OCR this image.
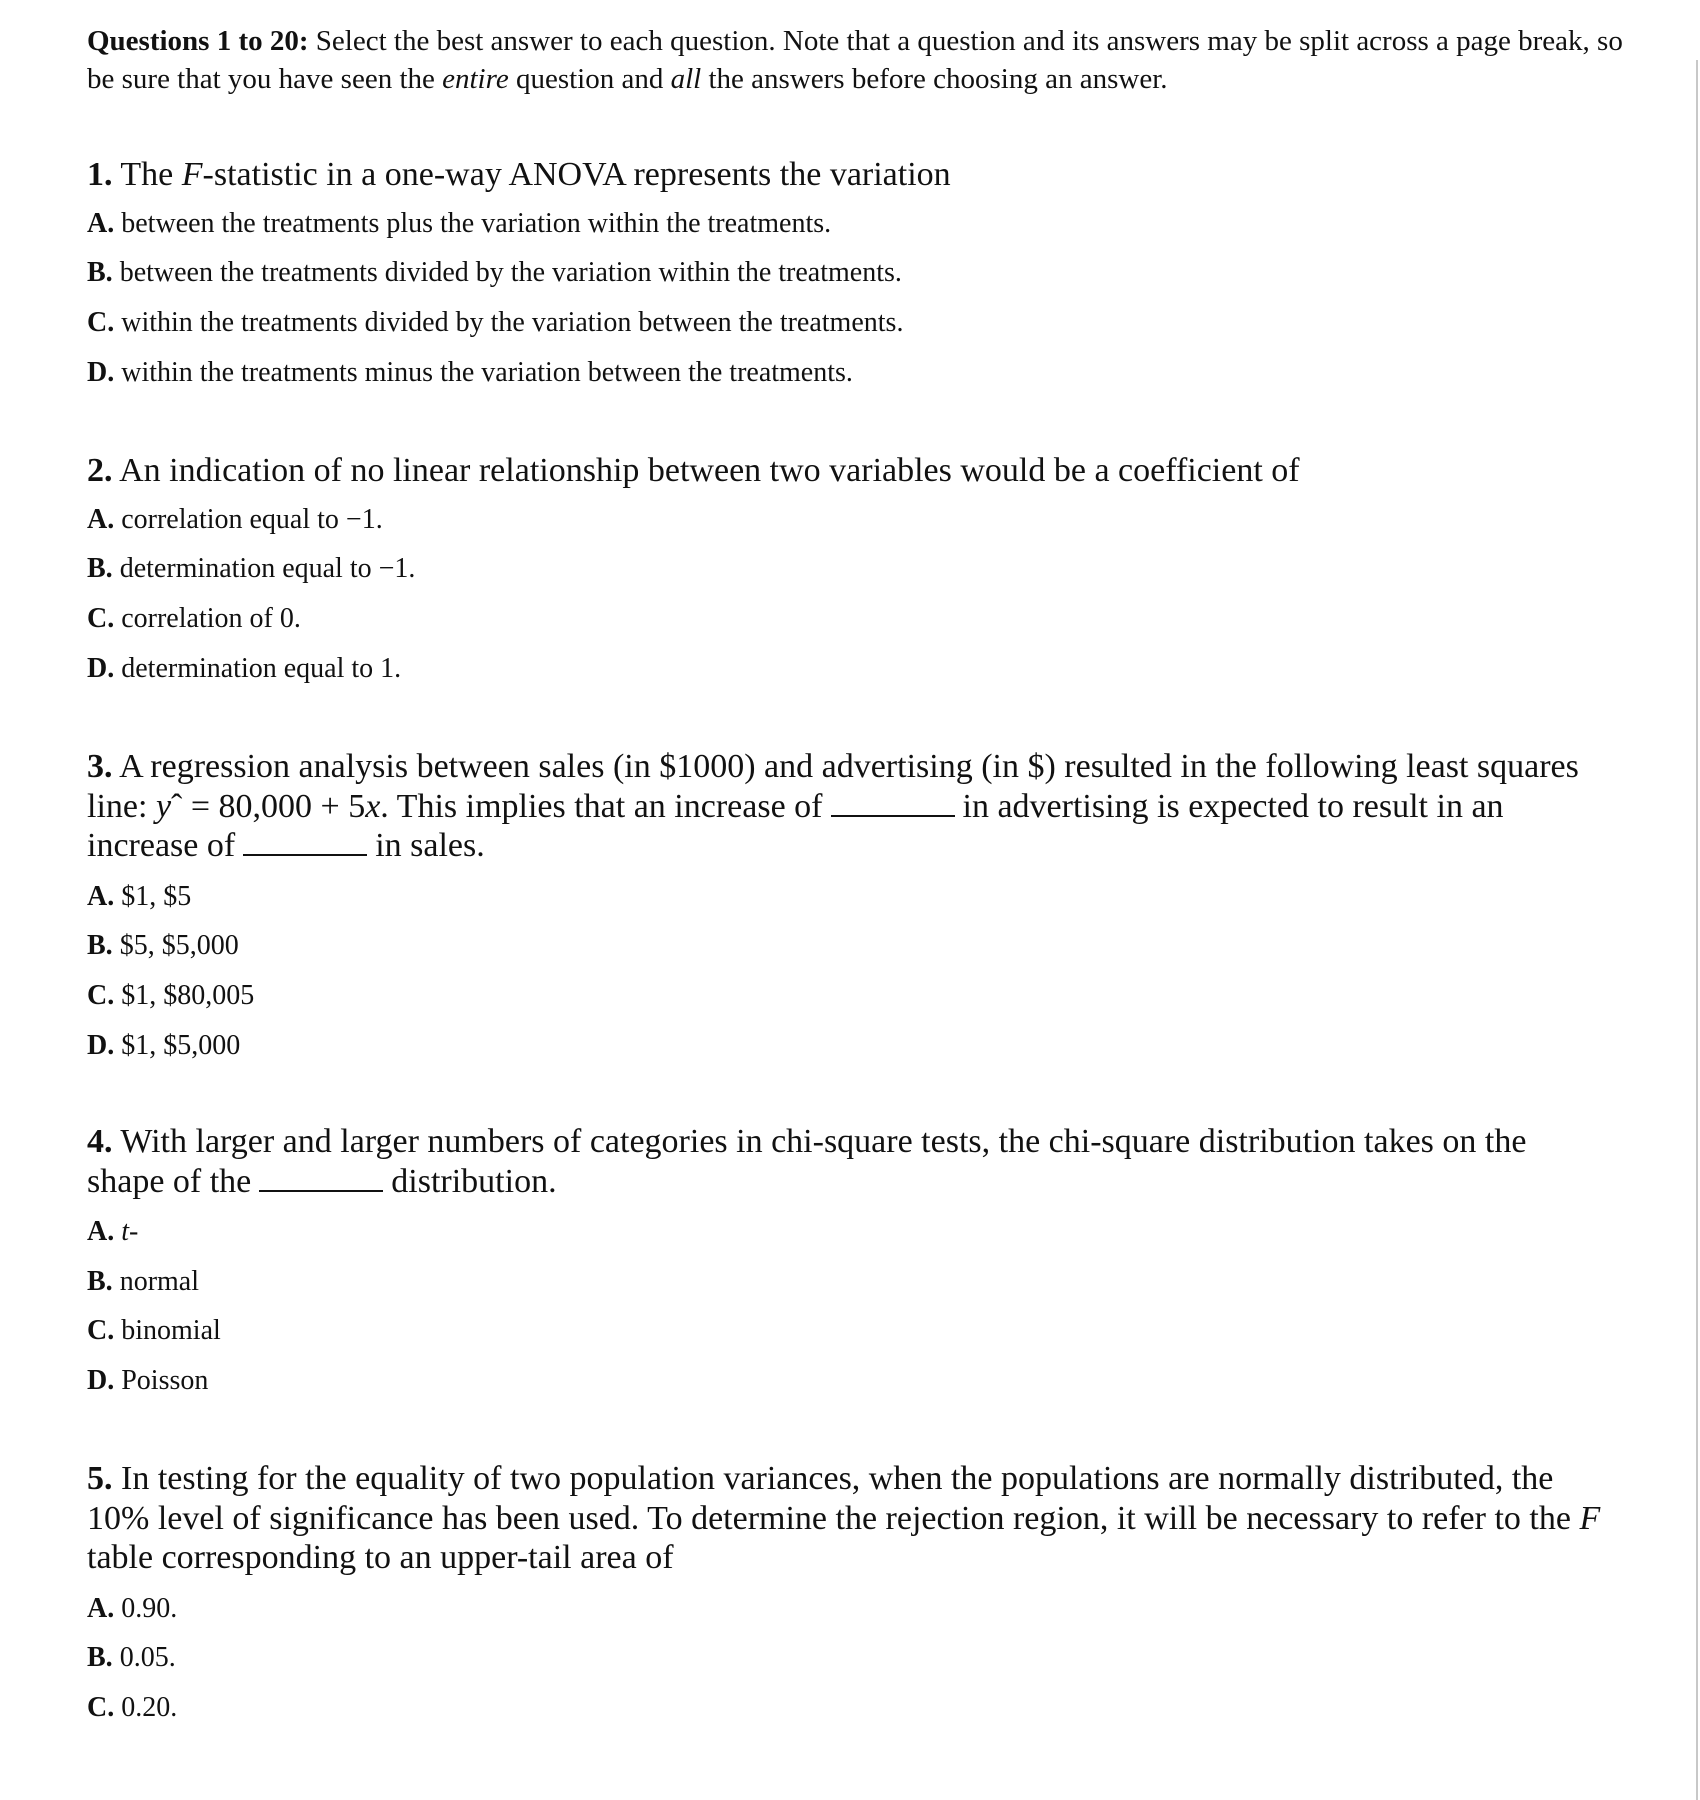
Questions 1 to 20: Select the best answer to each question. Note that a question and its answers may be split across a page break, so be sure that you have seen the entire question and all the answers before choosing an answer.

1. The F-statistic in a one-way ANOVA represents the variation

A. between the treatments plus the variation within the treatments.
B. between the treatments divided by the variation within the treatments.
C. within the treatments divided by the variation between the treatments.
D. within the treatments minus the variation between the treatments.

2. An indication of no linear relationship between two variables would be a coefficient of

A. correlation equal to −1.
B. determination equal to −1.
C. correlation of 0.
D. determination equal to 1.

3. A regression analysis between sales (in $1000) and advertising (in $) resulted in the following least squares line: yˆ = 80,000 + 5x. This implies that an increase of	in advertising is expected to result in an increase of	in sales.

A. $1, $5
B. $5, $5,000
C. $1, $80,005
D. $1, $5,000

4. With larger and larger numbers of categories in chi-square tests, the chi-square distribution takes on the shape of the	distribution.

A. t-
B. normal
C. binomial
D. Poisson

5. In testing for the equality of two population variances, when the populations are normally distributed, the 10% level of significance has been used. To determine the rejection region, it will be necessary to refer to the F table corresponding to an upper-tail area of

A. 0.90.
B. 0.05.
C. 0.20.
